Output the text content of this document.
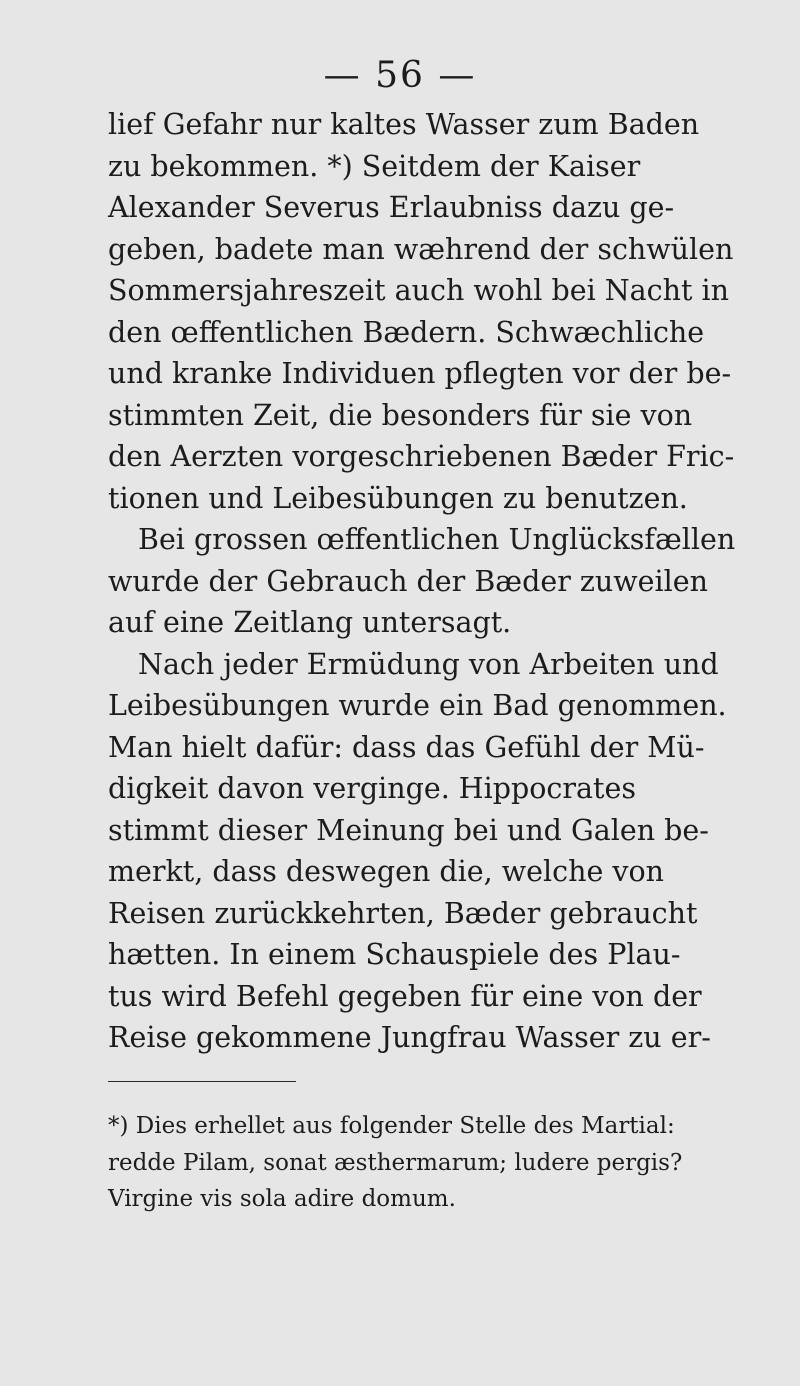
— 56 —
lief Gefahr nur kaltes Wasser zum Baden
zu bekommen. *) Seitdem der Kaiser
Alexander Severus Erlaubniss dazu ge-
geben, badete man wæhrend der schwülen
Sommersjahreszeit auch wohl bei Nacht in
den œffentlichen Bædern. Schwæchliche
und kranke Individuen pflegten vor der be-
stimmten Zeit, die besonders für sie von
den Aerzten vorgeschriebenen Bæder Fric-
tionen und Leibesübungen zu benutzen.
Bei grossen œffentlichen Unglücksfællen
wurde der Gebrauch der Bæder zuweilen
auf eine Zeitlang untersagt.
Nach jeder Ermüdung von Arbeiten und
Leibesübungen wurde ein Bad genommen.
Man hielt dafür: dass das Gefühl der Mü-
digkeit davon verginge. Hippocrates
stimmt dieser Meinung bei und Galen be-
merkt, dass deswegen die, welche von
Reisen zurückkehrten, Bæder gebraucht
hætten. In einem Schauspiele des Plau-
tus wird Befehl gegeben für eine von der
Reise gekommene Jungfrau Wasser zu er-
*) Dies erhellet aus folgender Stelle des Martial:
redde Pilam, sonat æsthermarum; ludere pergis?
Virgine vis sola adire domum.
